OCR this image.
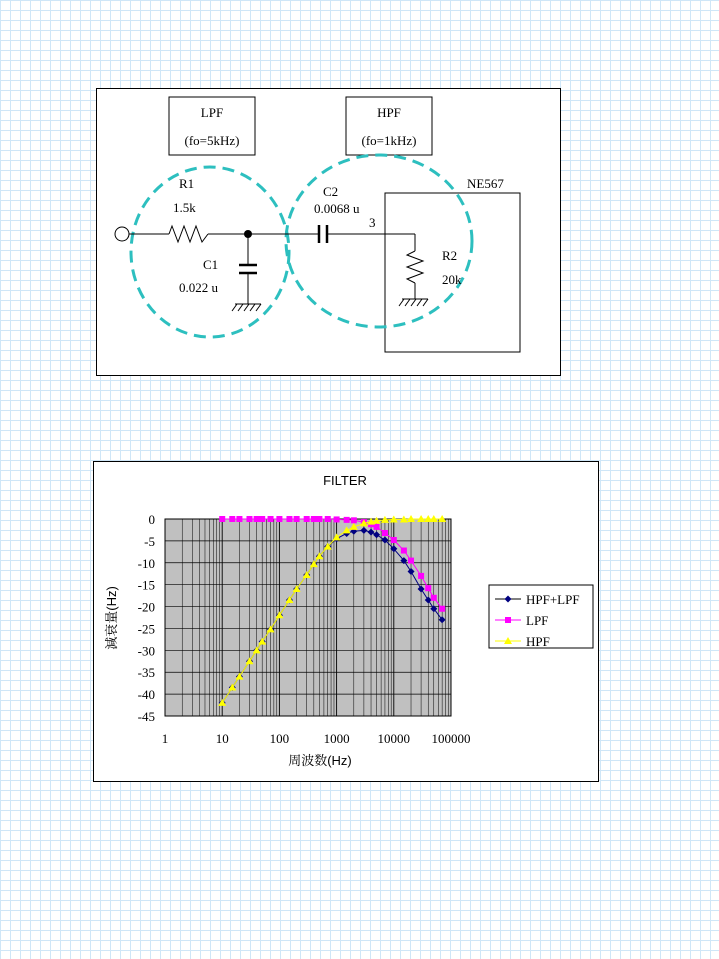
LPF
(fo=5kHz)
HPF
(fo=1kHz)
NE567
3
R1
1.5k
C1
0.022 u
C2
0.0068 u
R2
20k
FILTER
0
-5
-10
-15
-20
-25
-30
-35
-40
-45
1	10	100	1000 10000 100000
周波数(Hz)
減衰量(Hz)	HPF+LPF
LPF
HPF
